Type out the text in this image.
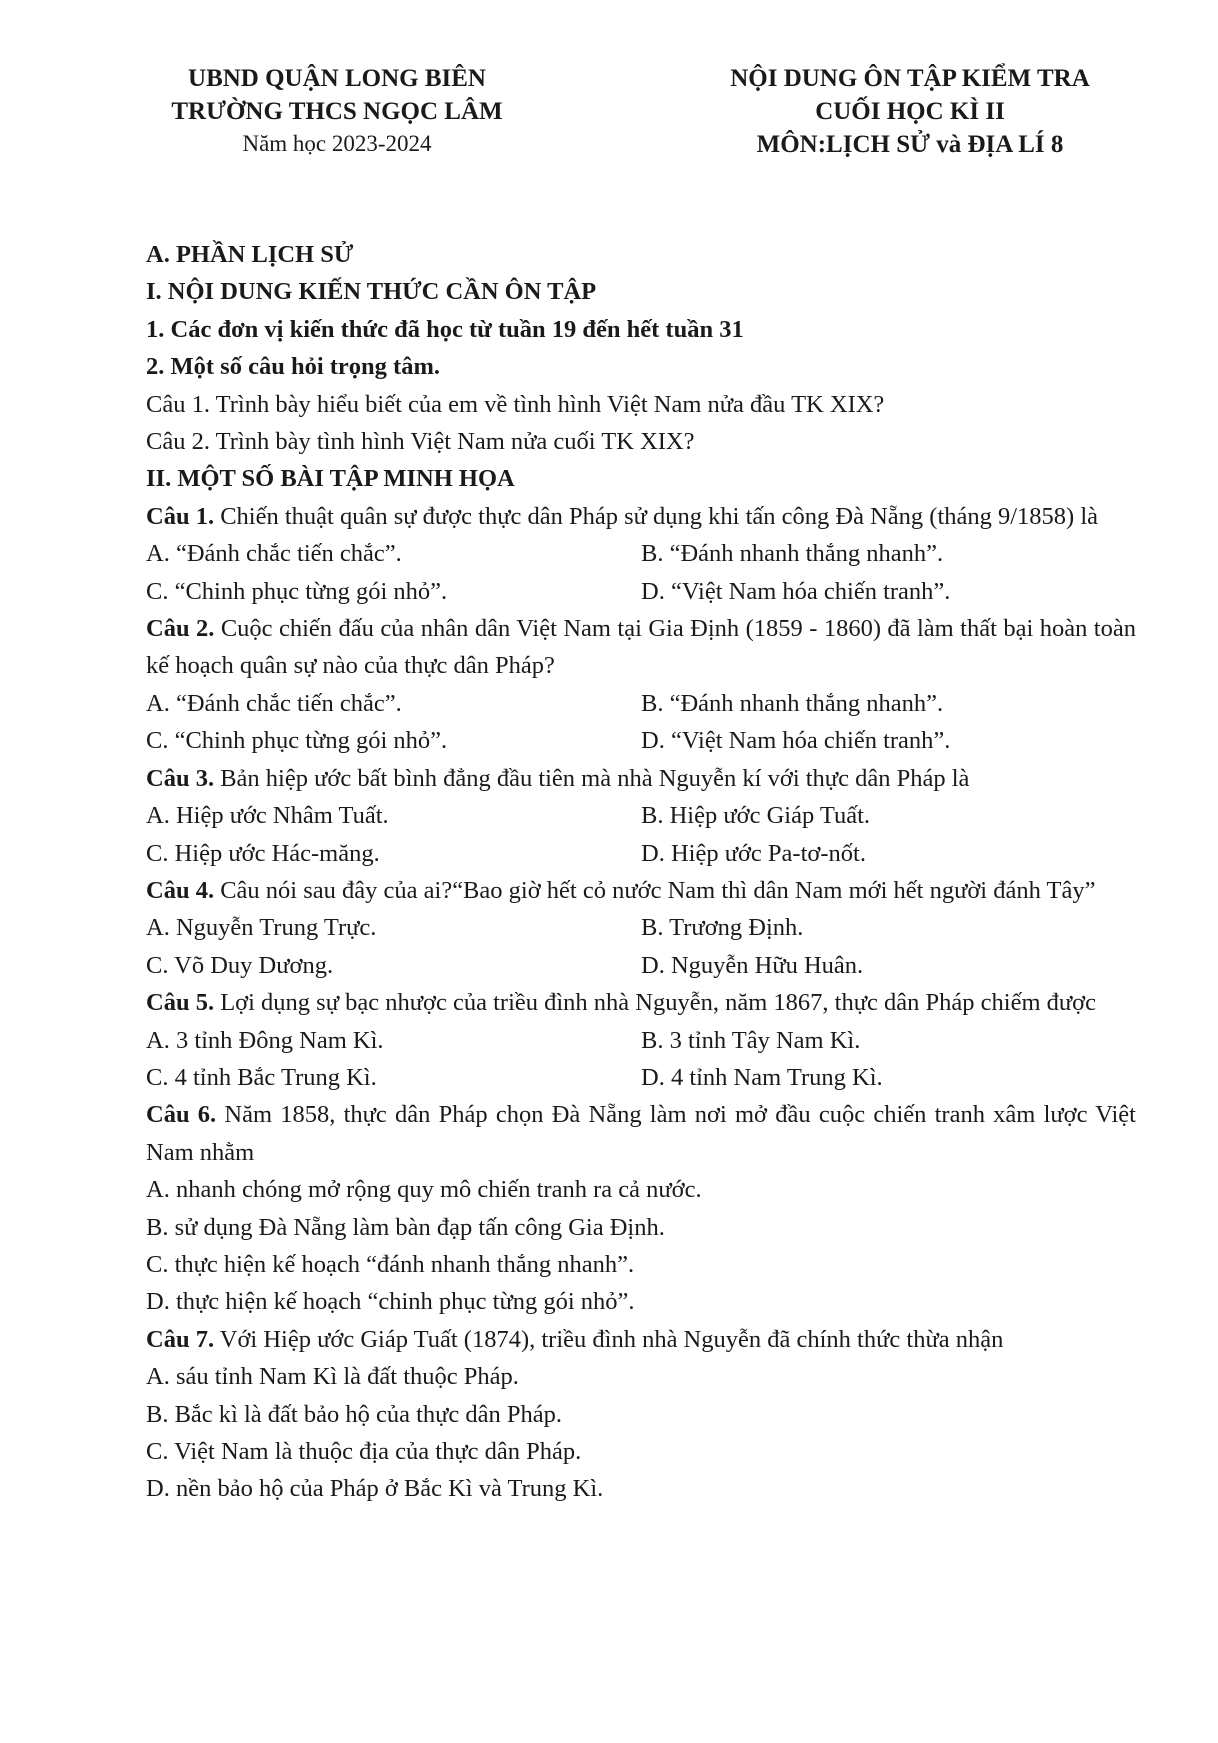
UBND QUẬN LONG BIÊN
TRƯỜNG THCS NGỌC LÂM
Năm học 2023-2024
NỘI DUNG ÔN TẬP KIỂM TRA
CUỐI HỌC KÌ II
MÔN:LỊCH SỬ và ĐỊA LÍ 8
A. PHẦN LỊCH SỬ
I. NỘI DUNG KIẾN THỨC CẦN ÔN TẬP
1. Các đơn vị kiến thức đã học từ tuần 19 đến hết tuần 31
2. Một số câu hỏi trọng tâm.
Câu 1. Trình bày hiểu biết của em về tình hình Việt Nam nửa đầu TK XIX?
Câu 2. Trình bày tình hình Việt Nam nửa cuối TK XIX?
II. MỘT SỐ BÀI TẬP MINH HỌA
Câu 1. Chiến thuật quân sự được thực dân Pháp sử dụng khi tấn công Đà Nẵng (tháng 9/1858) là
A. “Đánh chắc tiến chắc”.	B. “Đánh nhanh thắng nhanh”.
C. “Chinh phục từng gói nhỏ”.	D. “Việt Nam hóa chiến tranh”.
Câu 2. Cuộc chiến đấu của nhân dân Việt Nam tại Gia Định (1859 - 1860) đã làm thất bại hoàn toàn kế hoạch quân sự nào của thực dân Pháp?
A. “Đánh chắc tiến chắc”.	B. “Đánh nhanh thắng nhanh”.
C. “Chinh phục từng gói nhỏ”.	D. “Việt Nam hóa chiến tranh”.
Câu 3. Bản hiệp ước bất bình đẳng đầu tiên mà nhà Nguyễn kí với thực dân Pháp là
A. Hiệp ước Nhâm Tuất.	B. Hiệp ước Giáp Tuất.
C. Hiệp ước Hác-măng.	D. Hiệp ước Pa-tơ-nốt.
Câu 4. Câu nói sau đây của ai?“Bao giờ hết cỏ nước Nam thì dân Nam mới hết người đánh Tây”
A. Nguyễn Trung Trực.	B. Trương Định.
C. Võ Duy Dương.	D. Nguyễn Hữu Huân.
Câu 5. Lợi dụng sự bạc nhược của triều đình nhà Nguyễn, năm 1867, thực dân Pháp chiếm được
A. 3 tỉnh Đông Nam Kì.	B. 3 tỉnh Tây Nam Kì.
C. 4 tỉnh Bắc Trung Kì.	D. 4 tỉnh Nam Trung Kì.
Câu 6. Năm 1858, thực dân Pháp chọn Đà Nẵng làm nơi mở đầu cuộc chiến tranh xâm lược Việt Nam nhằm
A. nhanh chóng mở rộng quy mô chiến tranh ra cả nước.
B. sử dụng Đà Nẵng làm bàn đạp tấn công Gia Định.
C. thực hiện kế hoạch “đánh nhanh thắng nhanh”.
D. thực hiện kế hoạch “chinh phục từng gói nhỏ”.
Câu 7. Với Hiệp ước Giáp Tuất (1874), triều đình nhà Nguyễn đã chính thức thừa nhận
A. sáu tỉnh Nam Kì là đất thuộc Pháp.
B. Bắc kì là đất bảo hộ của thực dân Pháp.
C. Việt Nam là thuộc địa của thực dân Pháp.
D. nền bảo hộ của Pháp ở Bắc Kì và Trung Kì.
